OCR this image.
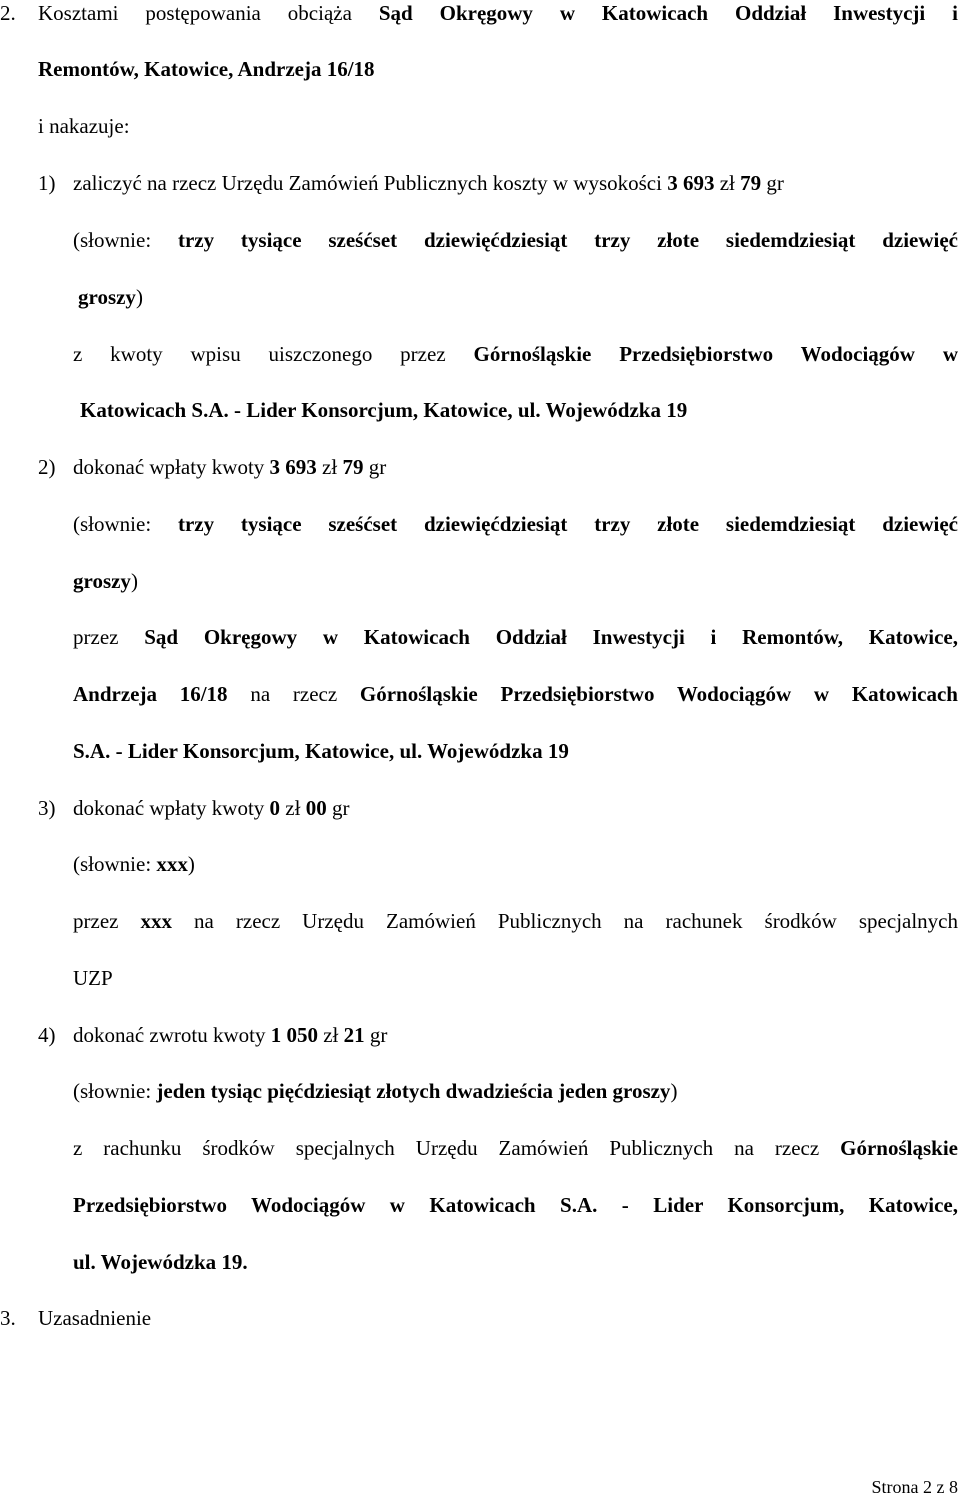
2. Kosztami postępowania obciąża Sąd Okręgowy w Katowicach Oddział Inwestycji i
Remontów, Katowice, Andrzeja 16/18
i nakazuje:
1) zaliczyć na rzecz Urzędu Zamówień Publicznych koszty w wysokości 3 693 zł 79 gr
(słownie: trzy tysiące sześćset dziewięćdziesiąt trzy złote siedemdziesiąt dziewięć
groszy)
z kwoty wpisu uiszczonego przez Górnośląskie Przedsiębiorstwo Wodociągów w
Katowicach S.A. - Lider Konsorcjum, Katowice, ul. Wojewódzka 19
2) dokonać wpłaty kwoty 3 693 zł 79 gr
(słownie: trzy tysiące sześćset dziewięćdziesiąt trzy złote siedemdziesiąt dziewięć
groszy)
przez Sąd Okręgowy w Katowicach Oddział Inwestycji i Remontów, Katowice,
Andrzeja 16/18 na rzecz Górnośląskie Przedsiębiorstwo Wodociągów w Katowicach
S.A. - Lider Konsorcjum, Katowice, ul. Wojewódzka 19
3) dokonać wpłaty kwoty 0 zł 00 gr
(słownie: xxx)
przez xxx na rzecz Urzędu Zamówień Publicznych na rachunek środków specjalnych
UZP
4) dokonać zwrotu kwoty 1 050 zł 21 gr
(słownie: jeden tysiąc pięćdziesiąt złotych dwadzieścia jeden groszy)
z rachunku środków specjalnych Urzędu Zamówień Publicznych na rzecz Górnośląskie
Przedsiębiorstwo Wodociągów w Katowicach S.A. - Lider Konsorcjum, Katowice,
ul. Wojewódzka 19.
3. Uzasadnienie
Strona 2 z 8
